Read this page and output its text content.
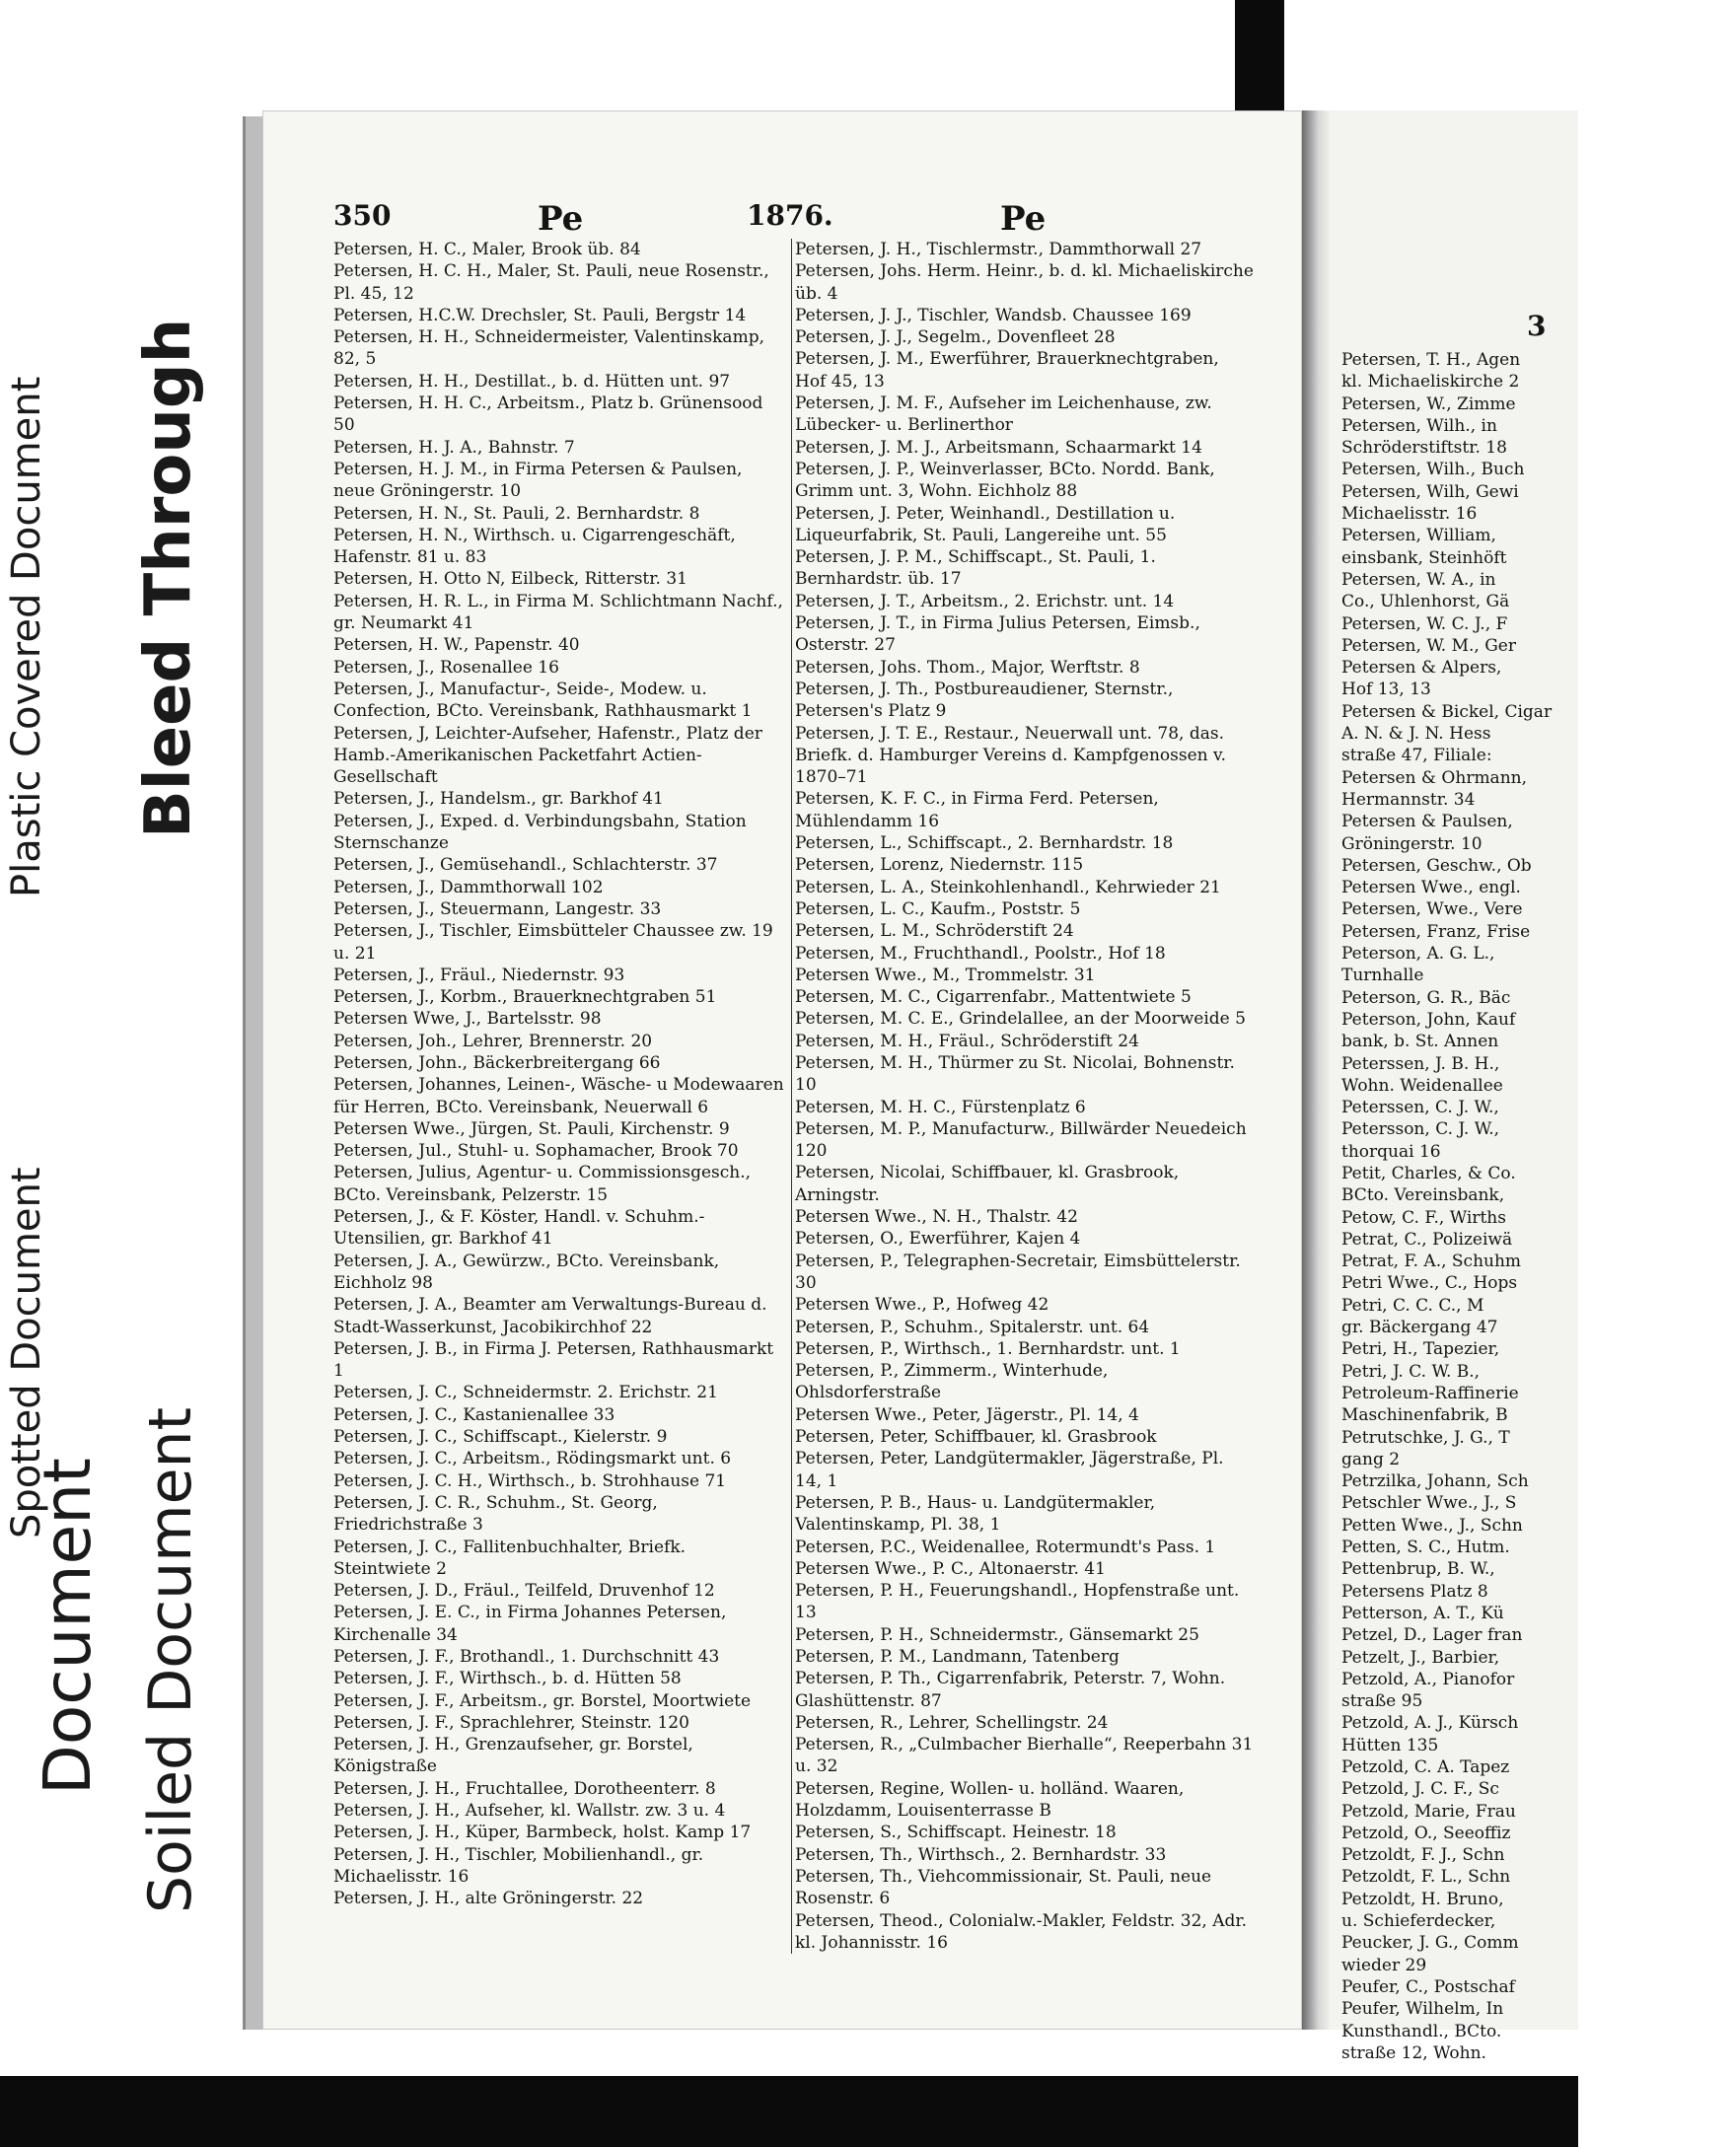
Plastic Covered Document Bleed Through
Spotted Document
Document Soiled Document
3
Petersen, T. H., Agen
kl. Michaeliskirche 2
Petersen, W., Zimme
Petersen, Wilh., in
Schröderstiftstr. 18
Petersen, Wilh., Buch
Petersen, Wilh, Gewi
Michaelisstr. 16
Petersen, William,
einsbank, Steinhöft
Petersen, W. A., in
Co., Uhlenhorst, Gä
Petersen, W. C. J., F
Petersen, W. M., Ger
Petersen & Alpers,
Hof 13, 13
Petersen & Bickel, Cigar
A. N. & J. N. Hess
straße 47, Filiale:
Petersen & Ohrmann,
Hermannstr. 34
Petersen & Paulsen,
Gröningerstr. 10
Petersen, Geschw., Ob
Petersen Wwe., engl.
Petersen, Wwe., Vere
Petersen, Franz, Frise
Peterson, A. G. L.,
Turnhalle
Peterson, G. R., Bäc
Peterson, John, Kauf
bank, b. St. Annen
Peterssen, J. B. H.,
Wohn. Weidenallee
Peterssen, C. J. W.,
Petersson, C. J. W.,
thorquai 16
Petit, Charles, & Co.
BCto. Vereinsbank,
Petow, C. F., Wirths
Petrat, C., Polizeiwä
Petrat, F. A., Schuhm
Petri Wwe., C., Hops
Petri, C. C. C., M
gr. Bäckergang 47
Petri, H., Tapezier,
Petri, J. C. W. B.,
Petroleum-Raffinerie
Maschinenfabrik, B
Petrutschke, J. G., T
gang 2
Petrzilka, Johann, Sch
Petschler Wwe., J., S
Petten Wwe., J., Schn
Petten, S. C., Hutm.
Pettenbrup, B. W.,
Petersens Platz 8
Petterson, A. T., Kü
Petzel, D., Lager fran
Petzelt, J., Barbier,
Petzold, A., Pianofor
straße 95
Petzold, A. J., Kürsch
Hütten 135
Petzold, C. A. Tapez
Petzold, J. C. F., Sc
Petzold, Marie, Frau
Petzold, O., Seeoffiz
Petzoldt, F. J., Schn
Petzoldt, F. L., Schn
Petzoldt, H. Bruno,
u. Schieferdecker,
Peucker, J. G., Comm
wieder 29
Peufer, C., Postschaf
Peufer, Wilhelm, In
Kunsthandl., BCto.
straße 12, Wohn.
350	Pe	1876.	Pe
Petersen, H. C., Maler, Brook üb. 84
Petersen, H. C. H., Maler, St. Pauli, neue Rosenstr., Pl. 45, 12
Petersen, H.C.W. Drechsler, St. Pauli, Bergstr 14
Petersen, H. H., Schneidermeister, Valentinskamp, 82, 5
Petersen, H. H., Destillat., b. d. Hütten unt. 97
Petersen, H. H. C., Arbeitsm., Platz b. Grünensood 50
Petersen, H. J. A., Bahnstr. 7
Petersen, H. J. M., in Firma Petersen & Paulsen, neue Gröningerstr. 10
Petersen, H. N., St. Pauli, 2. Bernhardstr. 8
Petersen, H. N., Wirthsch. u. Cigarrengeschäft, Hafenstr. 81 u. 83
Petersen, H. Otto N, Eilbeck, Ritterstr. 31
Petersen, H. R. L., in Firma M. Schlichtmann Nachf., gr. Neumarkt 41
Petersen, H. W., Papenstr. 40
Petersen, J., Rosenallee 16
Petersen, J., Manufactur-, Seide-, Modew. u. Confection, BCto. Vereinsbank, Rathhausmarkt 1
Petersen, J, Leichter-Aufseher, Hafenstr., Platz der Hamb.-Amerikanischen Packetfahrt Actien-Gesellschaft
Petersen, J., Handelsm., gr. Barkhof 41
Petersen, J., Exped. d. Verbindungsbahn, Station Sternschanze
Petersen, J., Gemüsehandl., Schlachterstr. 37
Petersen, J., Dammthorwall 102
Petersen, J., Steuermann, Langestr. 33
Petersen, J., Tischler, Eimsbütteler Chaussee zw. 19 u. 21
Petersen, J., Fräul., Niedernstr. 93
Petersen, J., Korbm., Brauerknechtgraben 51
Petersen Wwe, J., Bartelsstr. 98
Petersen, Joh., Lehrer, Brennerstr. 20
Petersen, John., Bäckerbreitergang 66
Petersen, Johannes, Leinen-, Wäsche- u Modewaaren für Herren, BCto. Vereinsbank, Neuerwall 6
Petersen Wwe., Jürgen, St. Pauli, Kirchenstr. 9
Petersen, Jul., Stuhl- u. Sophamacher, Brook 70
Petersen, Julius, Agentur- u. Commissionsgesch., BCto. Vereinsbank, Pelzerstr. 15
Petersen, J., & F. Köster, Handl. v. Schuhm.-Utensilien, gr. Barkhof 41
Petersen, J. A., Gewürzw., BCto. Vereinsbank, Eichholz 98
Petersen, J. A., Beamter am Verwaltungs-Bureau d. Stadt-Wasserkunst, Jacobikirchhof 22
Petersen, J. B., in Firma J. Petersen, Rathhausmarkt 1
Petersen, J. C., Schneidermstr. 2. Erichstr. 21
Petersen, J. C., Kastanienallee 33
Petersen, J. C., Schiffscapt., Kielerstr. 9
Petersen, J. C., Arbeitsm., Rödingsmarkt unt. 6
Petersen, J. C. H., Wirthsch., b. Strohhause 71
Petersen, J. C. R., Schuhm., St. Georg, Friedrichstraße 3
Petersen, J. C., Fallitenbuchhalter, Briefk. Steintwiete 2
Petersen, J. D., Fräul., Teilfeld, Druvenhof 12
Petersen, J. E. C., in Firma Johannes Petersen, Kirchenalle 34
Petersen, J. F., Brothandl., 1. Durchschnitt 43
Petersen, J. F., Wirthsch., b. d. Hütten 58
Petersen, J. F., Arbeitsm., gr. Borstel, Moortwiete
Petersen, J. F., Sprachlehrer, Steinstr. 120
Petersen, J. H., Grenzaufseher, gr. Borstel, Königstraße
Petersen, J. H., Fruchtallee, Dorotheenterr. 8
Petersen, J. H., Aufseher, kl. Wallstr. zw. 3 u. 4
Petersen, J. H., Küper, Barmbeck, holst. Kamp 17
Petersen, J. H., Tischler, Mobilienhandl., gr. Michaelisstr. 16
Petersen, J. H., alte Gröningerstr. 22
Petersen, J. H., Tischlermstr., Dammthorwall 27
Petersen, Johs. Herm. Heinr., b. d. kl. Michaeliskirche üb. 4
Petersen, J. J., Tischler, Wandsb. Chaussee 169
Petersen, J. J., Segelm., Dovenfleet 28
Petersen, J. M., Ewerführer, Brauerknechtgraben, Hof 45, 13
Petersen, J. M. F., Aufseher im Leichenhause, zw. Lübecker- u. Berlinerthor
Petersen, J. M. J., Arbeitsmann, Schaarmarkt 14
Petersen, J. P., Weinverlasser, BCto. Nordd. Bank, Grimm unt. 3, Wohn. Eichholz 88
Petersen, J. Peter, Weinhandl., Destillation u. Liqueurfabrik, St. Pauli, Langereihe unt. 55
Petersen, J. P. M., Schiffscapt., St. Pauli, 1. Bernhardstr. üb. 17
Petersen, J. T., Arbeitsm., 2. Erichstr. unt. 14
Petersen, J. T., in Firma Julius Petersen, Eimsb., Osterstr. 27
Petersen, Johs. Thom., Major, Werftstr. 8
Petersen, J. Th., Postbureaudiener, Sternstr., Petersen's Platz 9
Petersen, J. T. E., Restaur., Neuerwall unt. 78, das. Briefk. d. Hamburger Vereins d. Kampfgenossen v. 1870–71
Petersen, K. F. C., in Firma Ferd. Petersen, Mühlendamm 16
Petersen, L., Schiffscapt., 2. Bernhardstr. 18
Petersen, Lorenz, Niedernstr. 115
Petersen, L. A., Steinkohlenhandl., Kehrwieder 21
Petersen, L. C., Kaufm., Poststr. 5
Petersen, L. M., Schröderstift 24
Petersen, M., Fruchthandl., Poolstr., Hof 18
Petersen Wwe., M., Trommelstr. 31
Petersen, M. C., Cigarrenfabr., Mattentwiete 5
Petersen, M. C. E., Grindelallee, an der Moorweide 5
Petersen, M. H., Fräul., Schröderstift 24
Petersen, M. H., Thürmer zu St. Nicolai, Bohnenstr. 10
Petersen, M. H. C., Fürstenplatz 6
Petersen, M. P., Manufacturw., Billwärder Neuedeich 120
Petersen, Nicolai, Schiffbauer, kl. Grasbrook, Arningstr.
Petersen Wwe., N. H., Thalstr. 42
Petersen, O., Ewerführer, Kajen 4
Petersen, P., Telegraphen-Secretair, Eimsbüttelerstr. 30
Petersen Wwe., P., Hofweg 42
Petersen, P., Schuhm., Spitalerstr. unt. 64
Petersen, P., Wirthsch., 1. Bernhardstr. unt. 1
Petersen, P., Zimmerm., Winterhude, Ohlsdorferstraße
Petersen Wwe., Peter, Jägerstr., Pl. 14, 4
Petersen, Peter, Schiffbauer, kl. Grasbrook
Petersen, Peter, Landgütermakler, Jägerstraße, Pl. 14, 1
Petersen, P. B., Haus- u. Landgütermakler, Valentinskamp, Pl. 38, 1
Petersen, P.C., Weidenallee, Rotermundt's Pass. 1
Petersen Wwe., P. C., Altonaerstr. 41
Petersen, P. H., Feuerungshandl., Hopfenstraße unt. 13
Petersen, P. H., Schneidermstr., Gänsemarkt 25
Petersen, P. M., Landmann, Tatenberg
Petersen, P. Th., Cigarrenfabrik, Peterstr. 7, Wohn. Glashüttenstr. 87
Petersen, R., Lehrer, Schellingstr. 24
Petersen, R., „Culmbacher Bierhalle“, Reeperbahn 31 u. 32
Petersen, Regine, Wollen- u. holländ. Waaren, Holzdamm, Louisenterrasse B
Petersen, S., Schiffscapt. Heinestr. 18
Petersen, Th., Wirthsch., 2. Bernhardstr. 33
Petersen, Th., Viehcommissionair, St. Pauli, neue Rosenstr. 6
Petersen, Theod., Colonialw.-Makler, Feldstr. 32, Adr. kl. Johannisstr. 16
